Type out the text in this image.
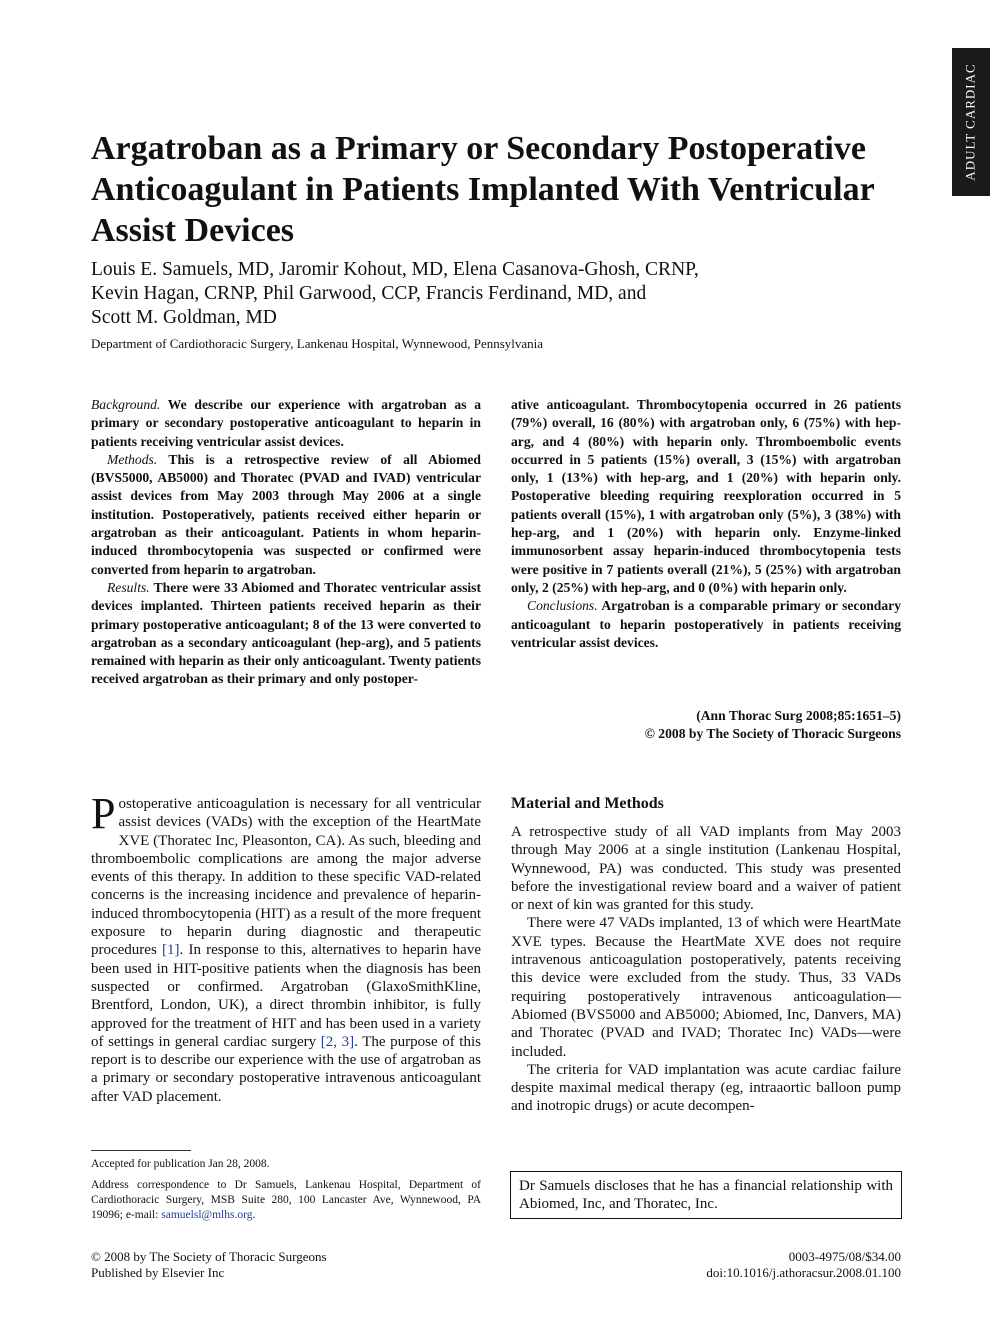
ADULT CARDIAC
Argatroban as a Primary or Secondary Postoperative Anticoagulant in Patients Implanted With Ventricular Assist Devices
Louis E. Samuels, MD, Jaromir Kohout, MD, Elena Casanova-Ghosh, CRNP,
Kevin Hagan, CRNP, Phil Garwood, CCP, Francis Ferdinand, MD, and
Scott M. Goldman, MD
Department of Cardiothoracic Surgery, Lankenau Hospital, Wynnewood, Pennsylvania

Background. We describe our experience with argatroban as a primary or secondary postoperative anticoagulant to heparin in patients receiving ventricular assist devices.

Methods. This is a retrospective review of all Abiomed (BVS5000, AB5000) and Thoratec (PVAD and IVAD) ventricular assist devices from May 2003 through May 2006 at a single institution. Postoperatively, patients received either heparin or argatroban as their anticoagulant. Patients in whom heparin-induced thrombocytopenia was suspected or confirmed were converted from heparin to argatroban.

Results. There were 33 Abiomed and Thoratec ventricular assist devices implanted. Thirteen patients received heparin as their primary postoperative anticoagulant; 8 of the 13 were converted to argatroban as a secondary anticoagulant (hep-arg), and 5 patients remained with heparin as their only anticoagulant. Twenty patients received argatroban as their primary and only postoper-

ative anticoagulant. Thrombocytopenia occurred in 26 patients (79%) overall, 16 (80%) with argatroban only, 6 (75%) with hep-arg, and 4 (80%) with heparin only. Thromboembolic events occurred in 5 patients (15%) overall, 3 (15%) with argatroban only, 1 (13%) with hep-arg, and 1 (20%) with heparin only. Postoperative bleeding requiring reexploration occurred in 5 patients overall (15%), 1 with argatroban only (5%), 3 (38%) with hep-arg, and 1 (20%) with heparin only. Enzyme-linked immunosorbent assay heparin-induced thrombocytopenia tests were positive in 7 patients overall (21%), 5 (25%) with argatroban only, 2 (25%) with hep-arg, and 0 (0%) with heparin only.

Conclusions. Argatroban is a comparable primary or secondary anticoagulant to heparin postoperatively in patients receiving ventricular assist devices.

(Ann Thorac Surg 2008;85:1651–5)
© 2008 by The Society of Thoracic Surgeons

Postoperative anticoagulation is necessary for all ventricular assist devices (VADs) with the exception of the HeartMate XVE (Thoratec Inc, Pleasonton, CA). As such, bleeding and thromboembolic complications are among the major adverse events of this therapy. In addition to these specific VAD-related concerns is the increasing incidence and prevalence of heparin-induced thrombocytopenia (HIT) as a result of the more frequent exposure to heparin during diagnostic and therapeutic procedures [1]. In response to this, alternatives to heparin have been used in HIT-positive patients when the diagnosis has been suspected or confirmed. Argatroban (GlaxoSmithKline, Brentford, London, UK), a direct thrombin inhibitor, is fully approved for the treatment of HIT and has been used in a variety of settings in general cardiac surgery [2, 3]. The purpose of this report is to describe our experience with the use of argatroban as a primary or secondary postoperative intravenous anticoagulant after VAD placement.

Material and Methods

A retrospective study of all VAD implants from May 2003 through May 2006 at a single institution (Lankenau Hospital, Wynnewood, PA) was conducted. This study was presented before the investigational review board and a waiver of patient or next of kin was granted for this study.

There were 47 VADs implanted, 13 of which were HeartMate XVE types. Because the HeartMate XVE does not require intravenous anticoagulation postoperatively, patents receiving this device were excluded from the study. Thus, 33 VADs requiring postoperatively intravenous anticoagulation—Abiomed (BVS5000 and AB5000; Abiomed, Inc, Danvers, MA) and Thoratec (PVAD and IVAD; Thoratec Inc) VADs—were included.

The criteria for VAD implantation was acute cardiac failure despite maximal medical therapy (eg, intraaortic balloon pump and inotropic drugs) or acute decompen-

Accepted for publication Jan 28, 2008.

Address correspondence to Dr Samuels, Lankenau Hospital, Department of Cardiothoracic Surgery, MSB Suite 280, 100 Lancaster Ave, Wynnewood, PA 19096; e-mail: samuelsl@mlhs.org.

Dr Samuels discloses that he has a financial relationship with Abiomed, Inc, and Thoratec, Inc.
© 2008 by The Society of Thoracic Surgeons
Published by Elsevier Inc
0003-4975/08/$34.00
doi:10.1016/j.athoracsur.2008.01.100
